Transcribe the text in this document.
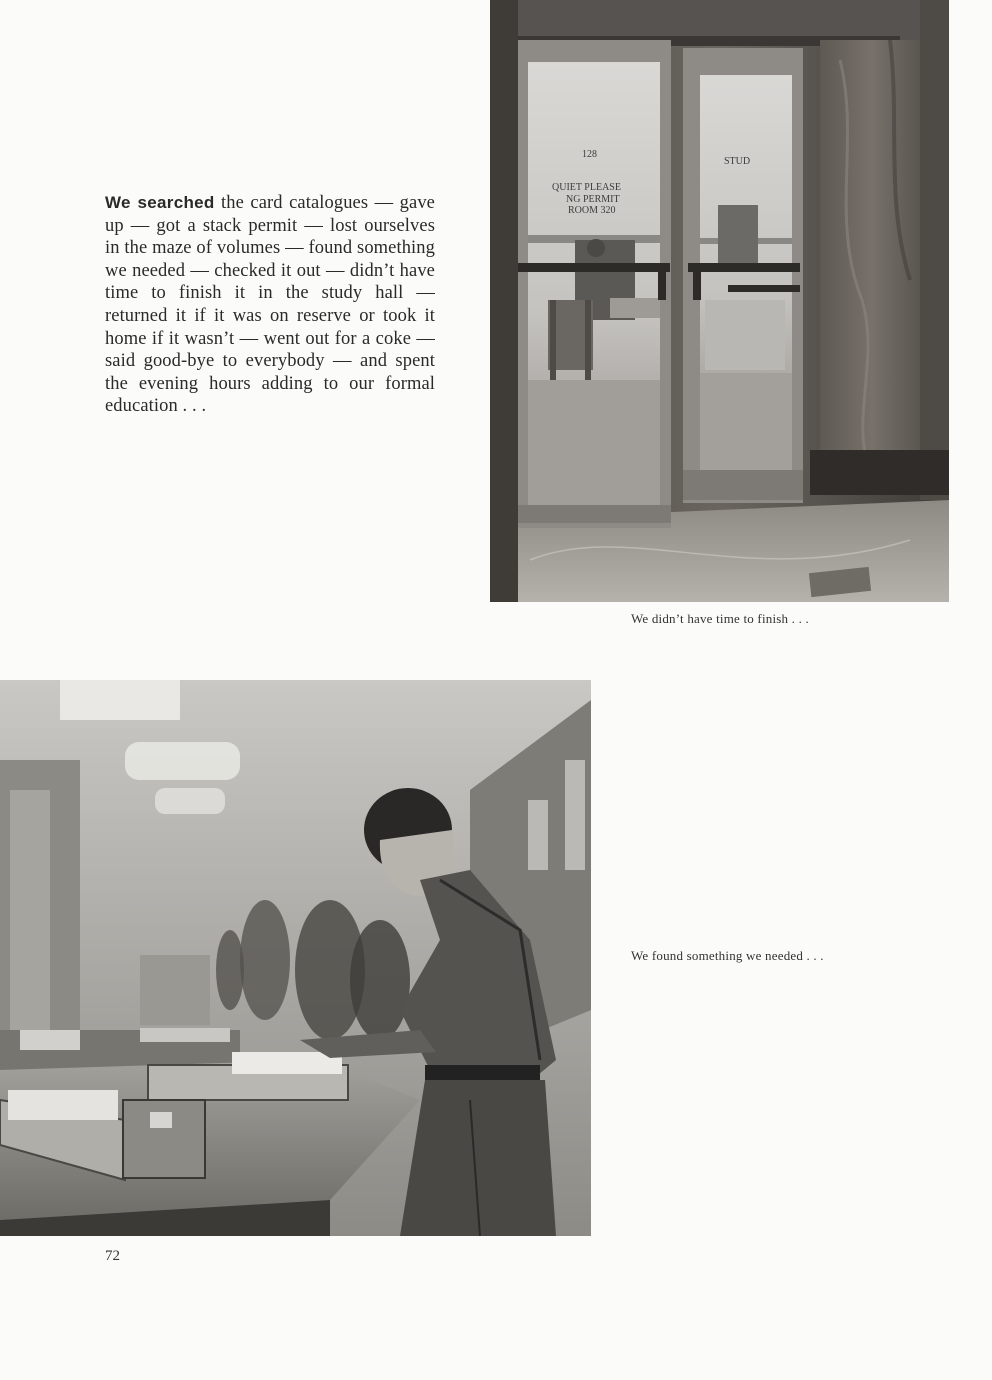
We searched the card catalogues — gave up — got a stack permit — lost ourselves in the maze of volumes — found something we needed — checked it out — didn’t have time to finish it in the study hall — returned it if it was on reserve or took it home if it wasn’t — went out for a coke — said good-bye to everybody — and spent the evening hours adding to our formal education . . .
128
QUIET PLEASE
NG PERMIT
ROOM 320
STUD
We didn’t have time to finish . . .
We found something we needed . . .
72
